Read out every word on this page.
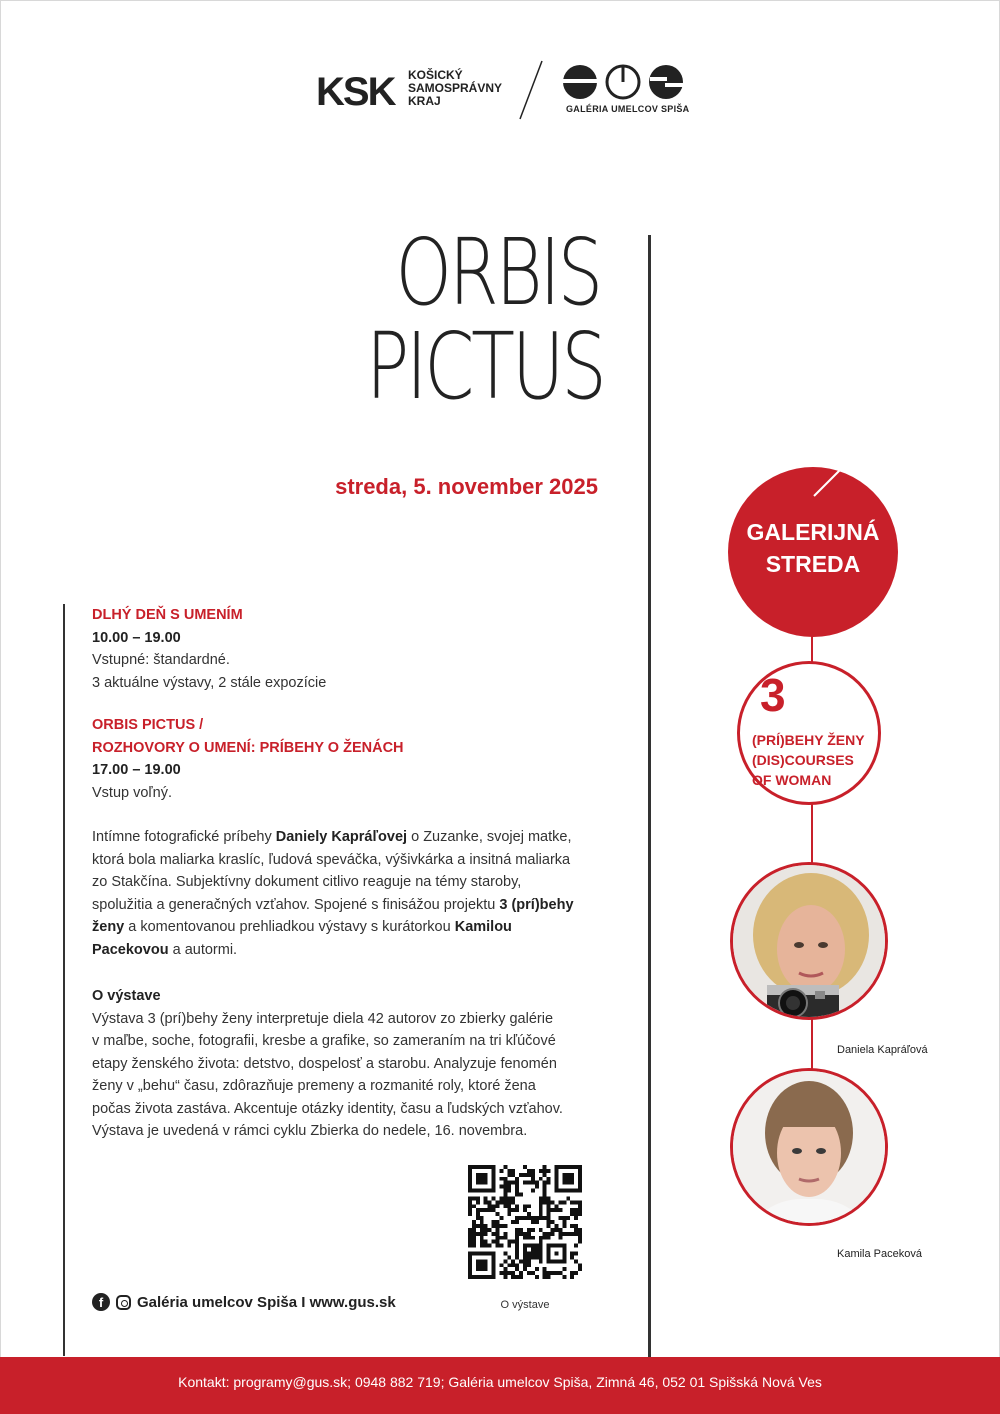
KSK KOŠICKÝ
SAMOSPRÁVNY
KRAJ
GALÉRIA UMELCOV SPIŠA
ORBIS
PICTUS
streda, 5. november 2025
DLHÝ DEŇ S UMENÍM
10.00 – 19.00
Vstupné: štandardné.
3 aktuálne výstavy, 2 stále expozície
ORBIS PICTUS /
ROZHOVORY O UMENÍ: PRÍBEHY O ŽENÁCH
17.00 – 19.00
Vstup voľný.
Intímne fotografické príbehy Daniely Kapráľovej o Zuzanke, svojej matke,
ktorá bola maliarka kraslíc, ľudová speváčka, výšivkárka a insitná maliarka
zo Stakčína. Subjektívny dokument citlivo reaguje na témy staroby,
spolužitia a generačných vzťahov. Spojené s finisážou projektu 3 (prí)behy
ženy a komentovanou prehliadkou výstavy s kurátorkou Kamilou
Pacekovou a autormi.
O výstave
Výstava 3 (prí)behy ženy interpretuje diela 42 autorov zo zbierky galérie
v maľbe, soche, fotografii, kresbe a grafike, so zameraním na tri kľúčové
etapy ženského života: detstvo, dospelosť a starobu. Analyzuje fenomén
ženy v „behu“ času, zdôrazňuje premeny a rozmanité roly, ktoré žena
počas života zastáva. Akcentuje otázky identity, času a ľudských vzťahov.
Výstava je uvedená v rámci cyklu Zbierka do nedele, 16. novembra.
O výstave
f	Galéria umelcov Spiša I www.gus.sk
GALERIJNÁ
STREDA
3
(PRÍ)BEHY ŽENY
(DIS)COURSES
OF WOMAN
Daniela Kapráľová
Kamila Paceková
Kontakt: programy@gus.sk; 0948 882 719; Galéria umelcov Spiša, Zimná 46, 052 01 Spišská Nová Ves
